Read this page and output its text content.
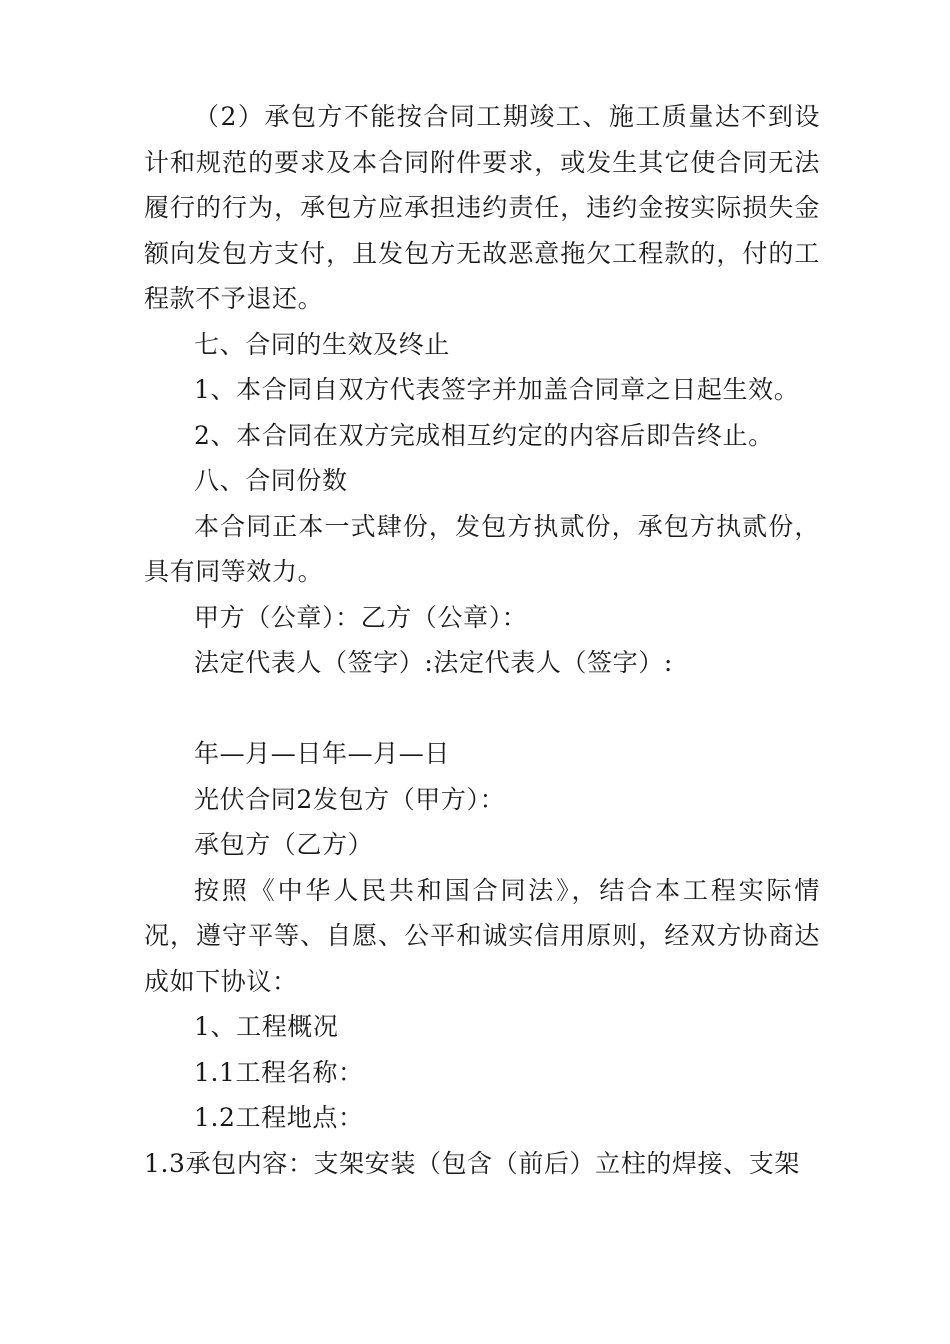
（2）承包方不能按合同工期竣工、施工质量达不到设计和规范的要求及本合同附件要求，或发生其它使合同无法履行的行为，承包方应承担违约责任，违约金按实际损失金额向发包方支付，且发包方无故恶意拖欠工程款的，付的工程款不予退还。

七、合同的生效及终止

1、本合同自双方代表签字并加盖合同章之日起生效。

2、本合同在双方完成相互约定的内容后即告终止。

八、合同份数

本合同正本一式肆份，发包方执贰份，承包方执贰份，具有同等效力。

甲方（公章）：乙方（公章）：

法定代表人（签字）:法定代表人（签字）:

年—月—日年—月—日

光伏合同2发包方（甲方）：

承包方（乙方）

按照《中华人民共和国合同法》，结合本工程实际情况，遵守平等、自愿、公平和诚实信用原则，经双方协商达成如下协议：

1、工程概况

1.1工程名称：

1.2工程地点：

1.3承包内容：支架安装（包含（前后）立柱的焊接、支架
